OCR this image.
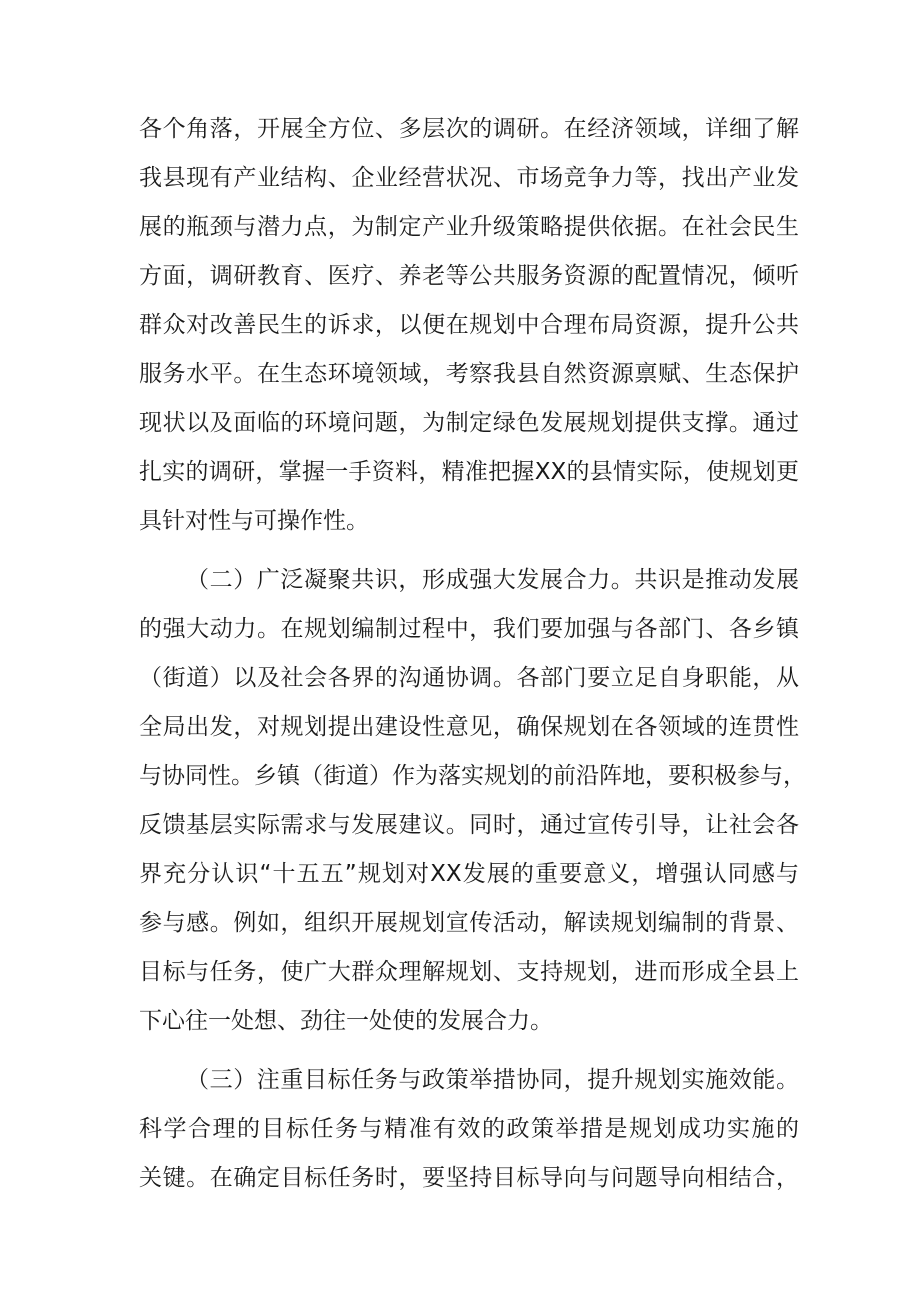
各个角落，开展全方位、多层次的调研。在经济领域，详细了解
我县现有产业结构、企业经营状况、市场竞争力等，找出产业发
展的瓶颈与潜力点，为制定产业升级策略提供依据。在社会民生
方面，调研教育、医疗、养老等公共服务资源的配置情况，倾听
群众对改善民生的诉求，以便在规划中合理布局资源，提升公共
服务水平。在生态环境领域，考察我县自然资源禀赋、生态保护
现状以及面临的环境问题，为制定绿色发展规划提供支撑。通过
扎实的调研，掌握一手资料，精准把握XX的县情实际，使规划更
具针对性与可操作性。
（二）广泛凝聚共识，形成强大发展合力。共识是推动发展
的强大动力。在规划编制过程中，我们要加强与各部门、各乡镇
（街道）以及社会各界的沟通协调。各部门要立足自身职能，从
全局出发，对规划提出建设性意见，确保规划在各领域的连贯性
与协同性。乡镇（街道）作为落实规划的前沿阵地，要积极参与，
反馈基层实际需求与发展建议。同时，通过宣传引导，让社会各
界充分认识“十五五”规划对XX发展的重要意义，增强认同感与
参与感。例如，组织开展规划宣传活动，解读规划编制的背景、
目标与任务，使广大群众理解规划、支持规划，进而形成全县上
下心往一处想、劲往一处使的发展合力。
（三）注重目标任务与政策举措协同，提升规划实施效能。
科学合理的目标任务与精准有效的政策举措是规划成功实施的
关键。在确定目标任务时，要坚持目标导向与问题导向相结合，
